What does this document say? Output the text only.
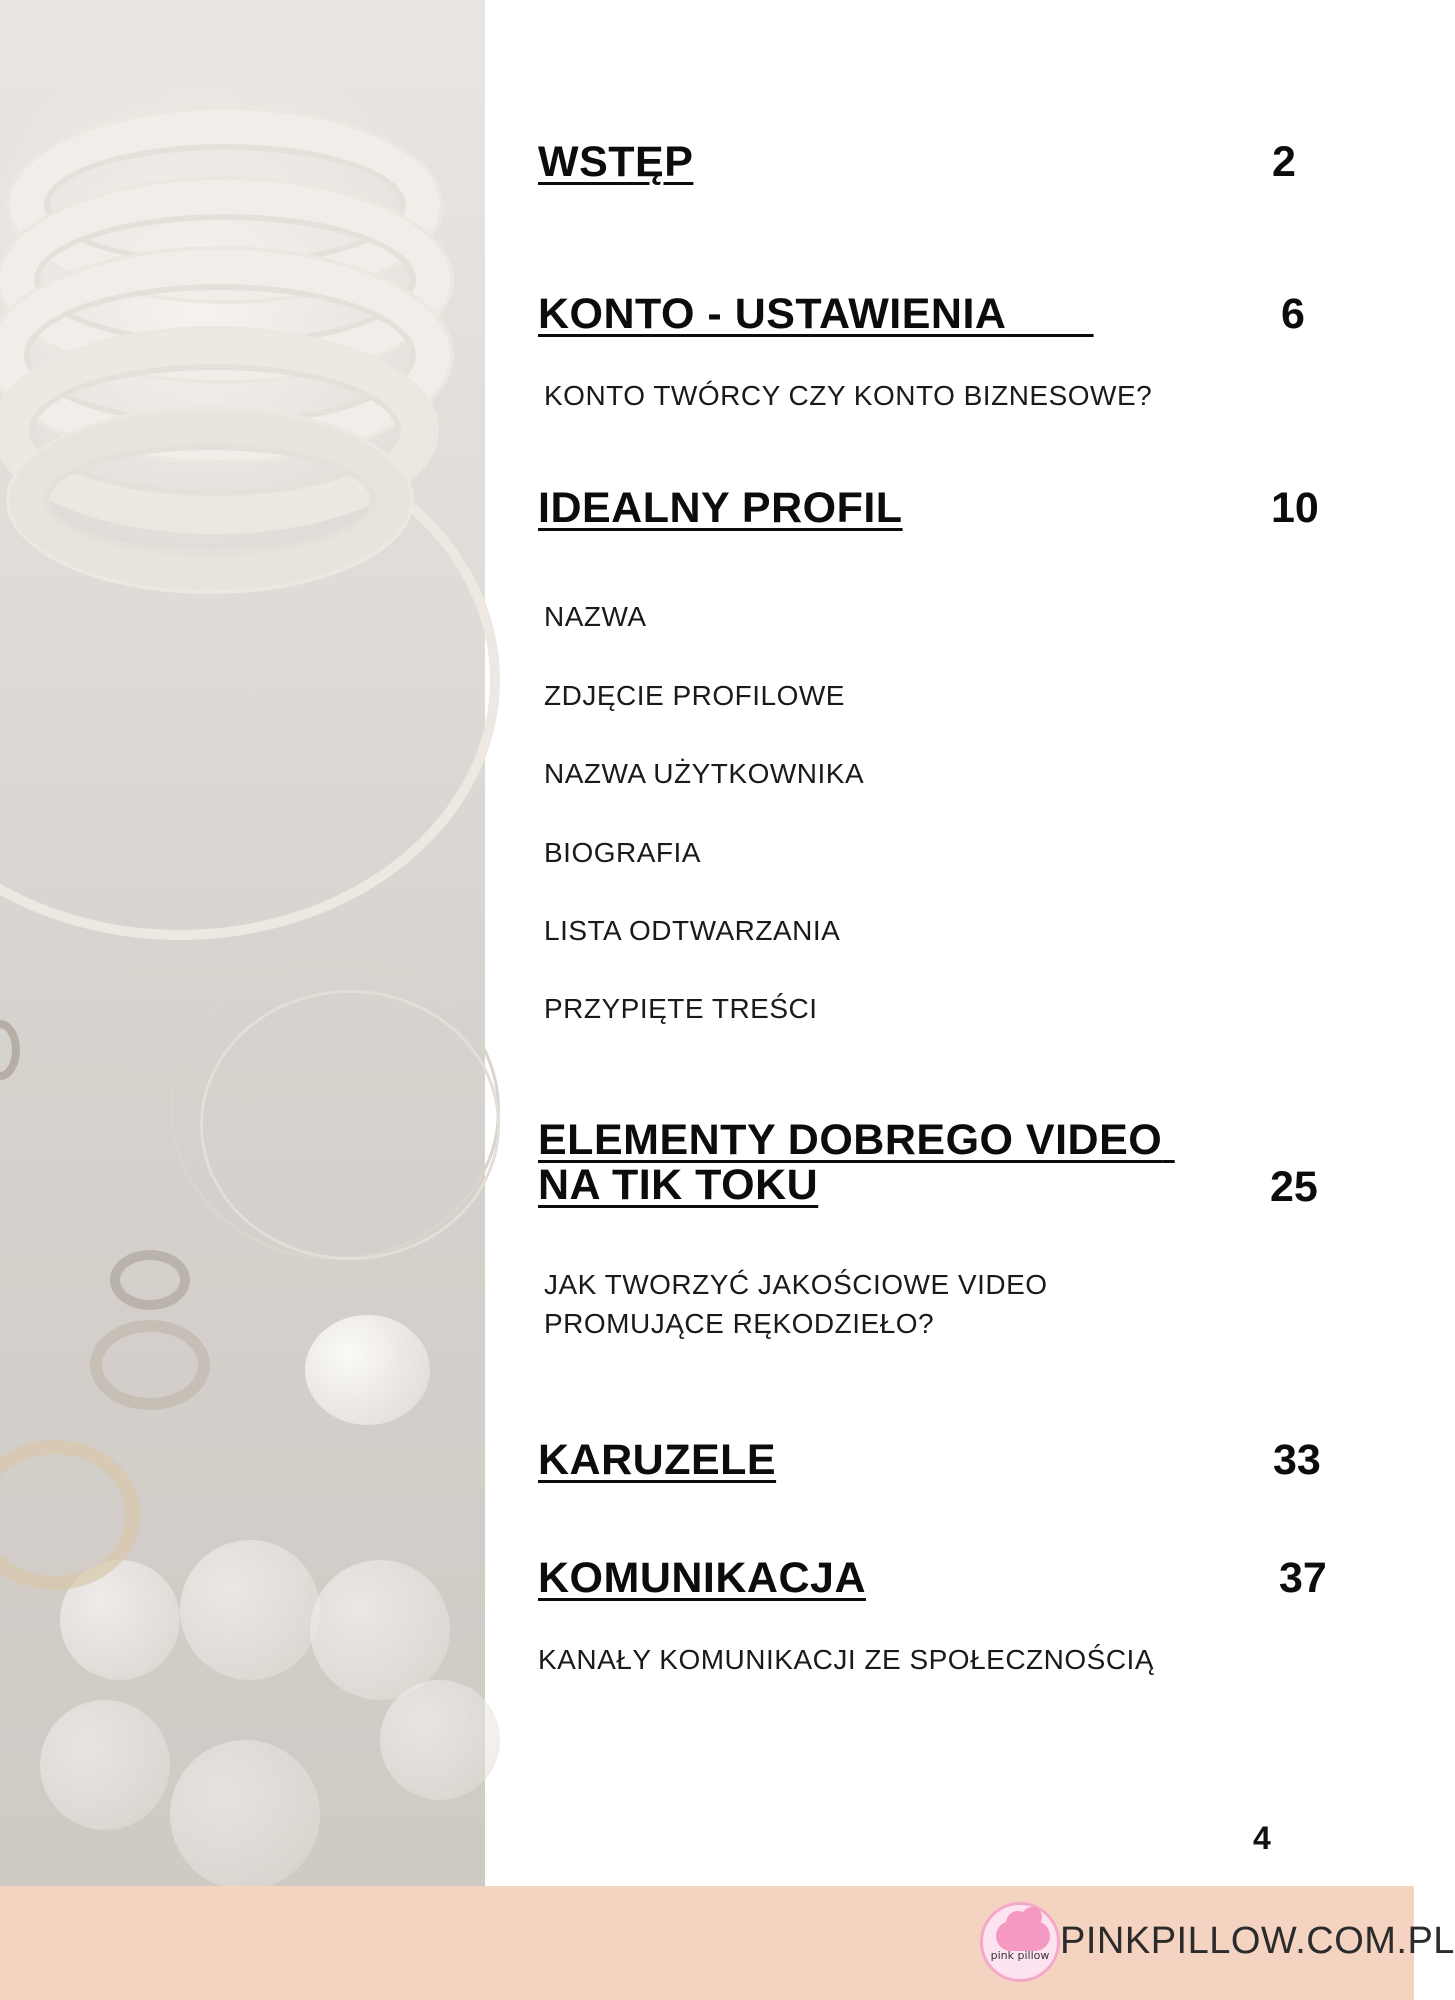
WSTĘP	2
KONTO - USTAWIENIA	6
KONTO TWÓRCY CZY KONTO BIZNESOWE?
IDEALNY PROFIL	10
NAZWA
ZDJĘCIE PROFILOWE
NAZWA UŻYTKOWNIKA
BIOGRAFIA
LISTA ODTWARZANIA
PRZYPIĘTE TREŚCI
ELEMENTY DOBREGO VIDEO
NA TIK TOKU	25
JAK TWORZYĆ JAKOŚCIOWE VIDEO
PROMUJĄCE RĘKODZIEŁO?
KARUZELE	33
KOMUNIKACJA	37
KANAŁY KOMUNIKACJI ZE SPOŁECZNOŚCIĄ
4
pink pillow PINKPILLOW.COM.PL
